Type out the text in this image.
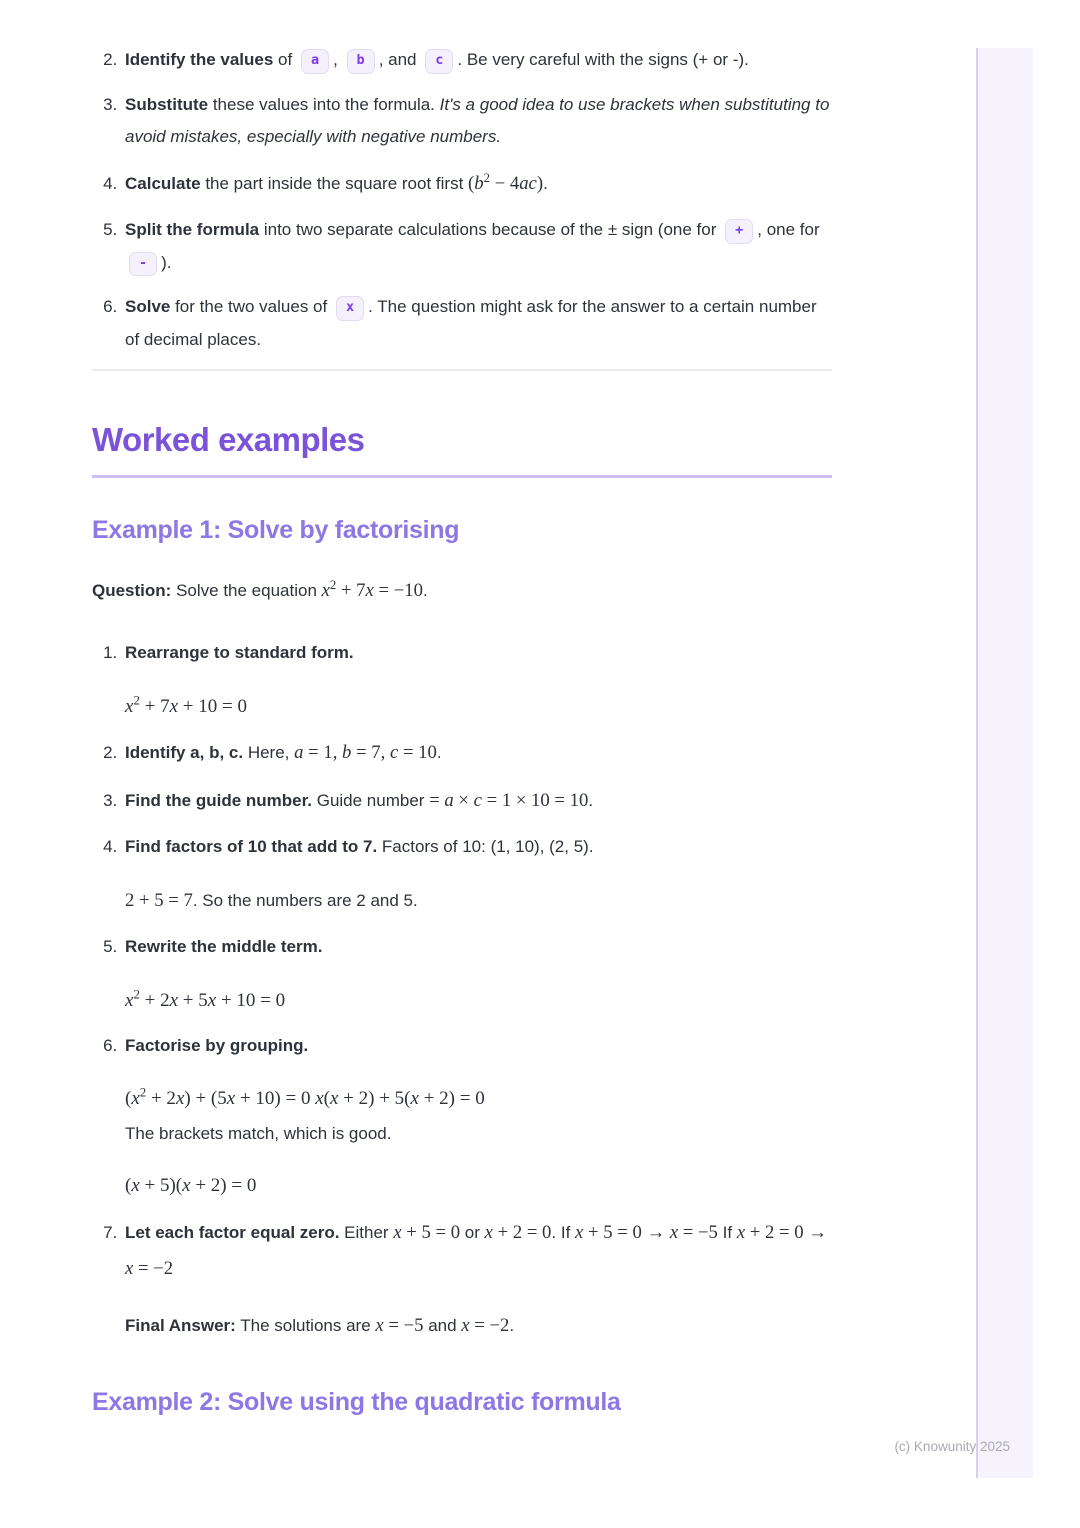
2. Identify the values of a , b , and c . Be very careful with the signs (+ or -).
3. Substitute these values into the formula. It's a good idea to use brackets when substituting to avoid mistakes, especially with negative numbers.
4. Calculate the part inside the square root first $(b^2 - 4ac)$.
5. Split the formula into two separate calculations because of the ± sign (one for + , one for - ).
6. Solve for the two values of x . The question might ask for the answer to a certain number of decimal places.
Worked examples
Example 1: Solve by factorising

Question: Solve the equation $x^2 + 7x = -10$.

1. Rearrange to standard form.

$x^2 + 7x + 10 = 0$

2. Identify a, b, c. Here, a = 1, b = 7, c = 10.
3. Find the guide number. Guide number = a × c = 1 × 10 = 10.
4. Find factors of 10 that add to 7. Factors of 10: (1, 10), (2, 5).

2 + 5 = 7. So the numbers are 2 and 5.

5. Rewrite the middle term.

$x^2 + 2x + 5x + 10 = 0$

6. Factorise by grouping.

$(x^2 + 2x) + (5x + 10) = 0$ x(x + 2) + 5(x + 2) = 0

The brackets match, which is good.

(x + 5)(x + 2) = 0

7. Let each factor equal zero. Either x + 5 = 0 or x + 2 = 0. If x + 5 = 0 → x = −5 If x + 2 = 0 → x = −2

Final Answer: The solutions are x = −5 and x = −2.

Example 2: Solve using the quadratic formula
(c) Knowunity 2025
